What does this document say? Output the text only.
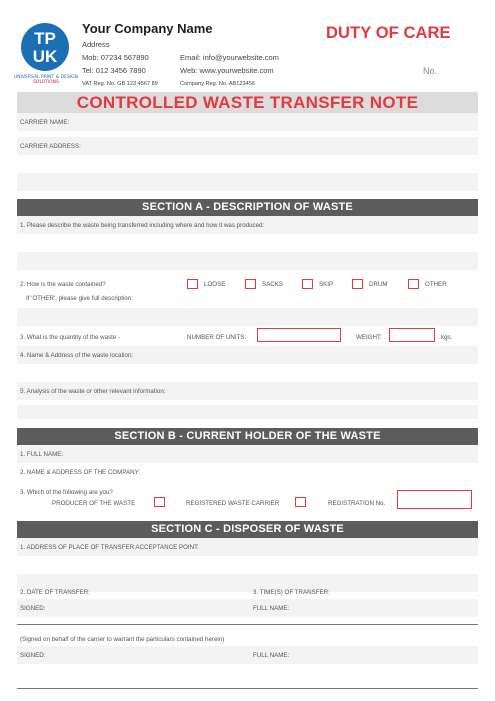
TP
UK
UNIVERSAL PRINT & DESIGN
SOLUTIONS
Your Company Name
Address
Mob: 07234 567890
Tel: 012 3456 7890
Email: info@yourwebsite.com
Web: www.yourwebsite.com
VAT Reg. No. GB 123 4567 89	Company Reg. No. AB123456
DUTY OF CARE
No.
CONTROLLED WASTE TRANSFER NOTE
CARRIER NAME:
CARRIER ADDRESS:
SECTION A - DESCRIPTION OF WASTE
1. Please describe the waste being transferred including where and how it was produced:
2. How is the waste contained?
If 'OTHER', please give full description:
LOOSE	SACKS	SKIP	DRUM	OTHER
3. What is the quantity of the waste -	NUMBER OF UNITS:	WEIGHT:	kgs.
4. Name & Address of the waste location:
5. Analysis of the waste or other relevant information:
SECTION B - CURRENT HOLDER OF THE WASTE
1. FULL NAME:
2. NAME & ADDRESS OF THE COMPANY:
3. Which of the following are you?
PRODUCER OF THE WASTE	REGISTERED WASTE CARRIER	REGISTRATION No.
SECTION C - DISPOSER OF WASTE
1. ADDRESS OF PLACE OF TRANSFER ACCEPTANCE POINT:
2. DATE OF TRANSFER:	3. TIME(S) OF TRANSFER:
SIGNED:	FULL NAME:
(Signed on behalf of the carrier to warrant the particulars contained herein)
SIGNED:	FULL NAME:
